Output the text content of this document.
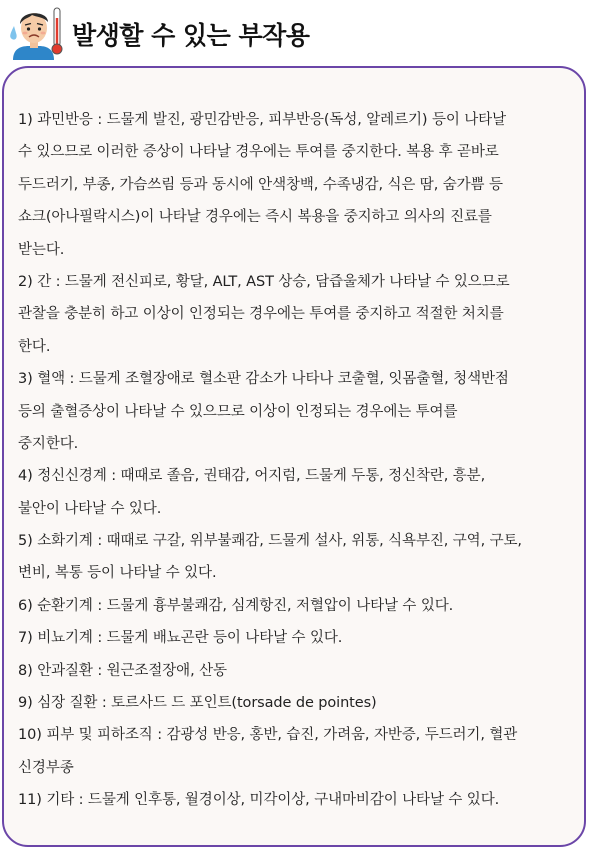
발생할 수 있는 부작용
1) 과민반응 : 드물게 발진, 광민감반응, 피부반응(독성, 알레르기) 등이 나타날
수 있으므로 이러한 증상이 나타날 경우에는 투여를 중지한다. 복용 후 곧바로
두드러기, 부종, 가슴쓰림 등과 동시에 안색창백, 수족냉감, 식은 땀, 숨가쁨 등
쇼크(아나필락시스)이 나타날 경우에는 즉시 복용을 중지하고 의사의 진료를
받는다.
2) 간 : 드물게 전신피로, 황달, ALT, AST 상승, 담즙울체가 나타날 수 있으므로
관찰을 충분히 하고 이상이 인정되는 경우에는 투여를 중지하고 적절한 처치를
한다.
3) 혈액 : 드물게 조혈장애로 혈소판 감소가 나타나 코출혈, 잇몸출혈, 청색반점
등의 출혈증상이 나타날 수 있으므로 이상이 인정되는 경우에는 투여를
중지한다.
4) 정신신경계 : 때때로 졸음, 권태감, 어지럼, 드물게 두통, 정신착란, 흥분,
불안이 나타날 수 있다.
5) 소화기계 : 때때로 구갈, 위부불쾌감, 드물게 설사, 위통, 식욕부진, 구역, 구토,
변비, 복통 등이 나타날 수 있다.
6) 순환기계 : 드물게 흉부불쾌감, 심계항진, 저혈압이 나타날 수 있다.
7) 비뇨기계 : 드물게 배뇨곤란 등이 나타날 수 있다.
8) 안과질환 : 원근조절장애, 산동
9) 심장 질환 : 토르사드 드 포인트(torsade de pointes)
10) 피부 및 피하조직 : 감광성 반응, 홍반, 습진, 가려움, 자반증, 두드러기, 혈관
신경부종
11) 기타 : 드물게 인후통, 월경이상, 미각이상, 구내마비감이 나타날 수 있다.
